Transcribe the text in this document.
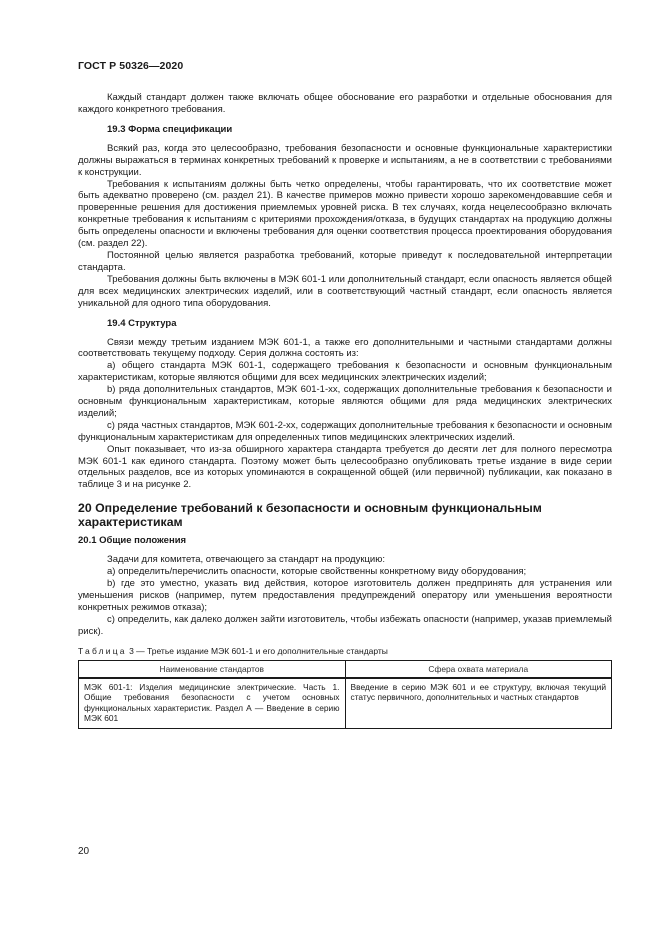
ГОСТ Р 50326—2020

Каждый стандарт должен также включать общее обоснование его разработки и отдельные обоснования для каждого конкретного требования.

19.3 Форма спецификации

Всякий раз, когда это целесообразно, требования безопасности и основные функциональные характеристики должны выражаться в терминах конкретных требований к проверке и испытаниям, а не в соответствии с требованиями к конструкции.

Требования к испытаниям должны быть четко определены, чтобы гарантировать, что их соответствие может быть адекватно проверено (см. раздел 21). В качестве примеров можно привести хорошо зарекомендовавшие себя и проверенные решения для достижения приемлемых уровней риска. В тех случаях, когда нецелесообразно включать конкретные требования к испытаниям с критериями прохождения/отказа, в будущих стандартах на продукцию должны быть определены опасности и включены требования для оценки соответствия процесса проектирования оборудования (см. раздел 22).

Постоянной целью является разработка требований, которые приведут к последовательной интерпретации стандарта.

Требования должны быть включены в МЭК 601-1 или дополнительный стандарт, если опасность является общей для всех медицинских электрических изделий, или в соответствующий частный стандарт, если опасность является уникальной для одного типа оборудования.

19.4 Структура

Связи между третьим изданием МЭК 601-1, а также его дополнительными и частными стандартами должны соответствовать текущему подходу. Серия должна состоять из:

а) общего стандарта МЭК 601-1, содержащего требования к безопасности и основным функциональным характеристикам, которые являются общими для всех медицинских электрических изделий;

b) ряда дополнительных стандартов, МЭК 601-1-xx, содержащих дополнительные требования к безопасности и основным функциональным характеристикам, которые являются общими для ряда медицинских электрических изделий;

с) ряда частных стандартов, МЭК 601-2-xx, содержащих дополнительные требования к безопасности и основным функциональным характеристикам для определенных типов медицинских электрических изделий.

Опыт показывает, что из-за обширного характера стандарта требуется до десяти лет для полного пересмотра МЭК 601-1 как единого стандарта. Поэтому может быть целесообразно опубликовать третье издание в виде серии отдельных разделов, все из которых упоминаются в сокращенной общей (или первичной) публикации, как показано в таблице 3 и на рисунке 2.

20 Определение требований к безопасности и основным функциональным характеристикам
20.1 Общие положения

Задачи для комитета, отвечающего за стандарт на продукцию:

а) определить/перечислить опасности, которые свойственны конкретному виду оборудования;

b) где это уместно, указать вид действия, которое изготовитель должен предпринять для устранения или уменьшения рисков (например, путем предоставления предупреждений оператору или уменьшения вероятности конкретных режимов отказа);

с) определить, как далеко должен зайти изготовитель, чтобы избежать опасности (например, указав приемлемый риск).

Таблица 3 — Третье издание МЭК 601-1 и его дополнительные стандарты

Наименование стандартов	Сфера охвата материала
МЭК 601-1: Изделия медицинские электрические. Часть 1. Общие требования безопасности с учетом основных функциональных характеристик. Раздел А — Введение в серию МЭК 601	Введение в серию МЭК 601 и ее структуру, включая текущий статус первичного, дополнительных и частных стандартов
20
